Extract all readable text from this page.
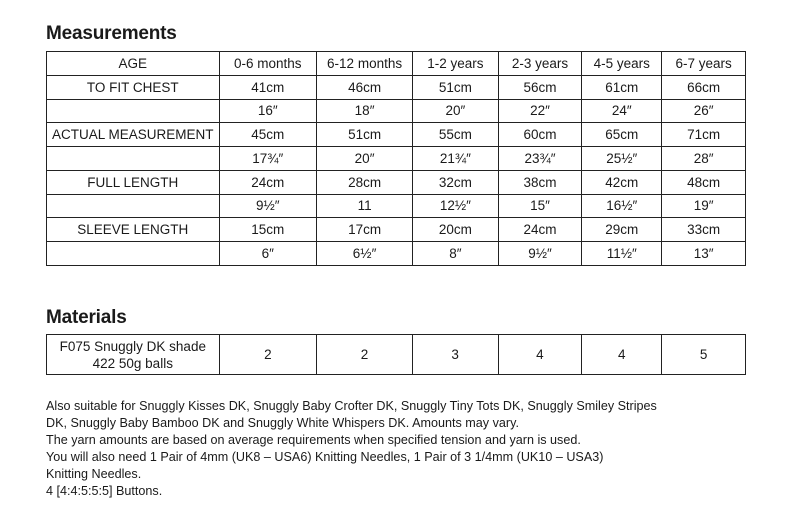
Measurements
AGE	0-6 months	6-12 months	1-2 years	2-3 years	4-5 years	6-7 years
TO FIT CHEST	41cm	46cm	51cm	56cm	61cm	66cm
	16″	18″	20″	22″	24″	26″
ACTUAL MEASUREMENT	45cm	51cm	55cm	60cm	65cm	71cm
	17¾″	20″	21¾″	23¾″	25½″	28″
FULL LENGTH	24cm	28cm	32cm	38cm	42cm	48cm
	9½″	11	12½″	15″	16½″	19″
SLEEVE LENGTH	15cm	17cm	20cm	24cm	29cm	33cm
	6″	6½″	8″	9½″	11½″	13″
Materials
F075 Snuggly DK shade
422 50g balls
	2	2	3	4	4	5

Also suitable for Snuggly Kisses DK, Snuggly Baby Crofter DK, Snuggly Tiny Tots DK, Snuggly Smiley Stripes

DK, Snuggly Baby Bamboo DK and Snuggly White Whispers DK. Amounts may vary.

The yarn amounts are based on average requirements when specified tension and yarn is used.

You will also need 1 Pair of 4mm (UK8 – USA6) Knitting Needles, 1 Pair of 3 1/4mm (UK10 – USA3)

Knitting Needles.

4 [4:4:5:5:5] Buttons.
